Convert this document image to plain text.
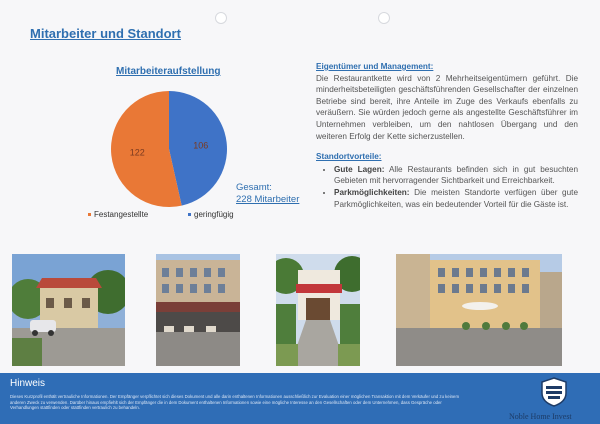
Mitarbeiter und Standort
Mitarbeiteraufstellung
106
122
Gesamt:
228 Mitarbeiter
Festangestellte	geringfügig
Eigentümer und Management:

Die Restaurantkette wird von 2 Mehrheitseigentümern geführt. Die minderheitsbeteiligten geschäftsführenden Gesellschafter der einzelnen Betriebe sind bereit, ihre Anteile im Zuge des Verkaufs ebenfalls zu veräußern. Sie würden jedoch gerne als angestellte Geschäftsführer im Unternehmen verbleiben, um den nahtlosen Übergang und den weiteren Erfolg der Kette sicherzustellen.

Standortvorteile:
• Gute Lagen: Alle Restaurants befinden sich in gut besuchten Gebieten mit hervorragender Sichtbarkeit und Erreichbarkeit.
• Parkmöglichkeiten: Die meisten Standorte verfügen über gute Parkmöglichkeiten, was ein bedeutender Vorteil für die Gäste ist.
Hinweis
Dieses Kurzprofil enthält vertrauliche Informationen. Der Empfänger verpflichtet sich dieses Dokument und alle darin enthaltenen Informationen ausschließlich zur Evaluation einer möglichen Transaktion mit dem Verkäufer und zu keinem anderen Zweck zu verwenden. Darüber hinaus empfiehlt sich der Empfänger die in dem Dokument enthaltenen Informationen sowie eine mögliche Interesse an den Gesellschaften oder dem Unternehmen, dass Gespräche oder Verhandlungen stattfinden oder stattfinden vertraulich zu behandeln.
Noble Home Invest
